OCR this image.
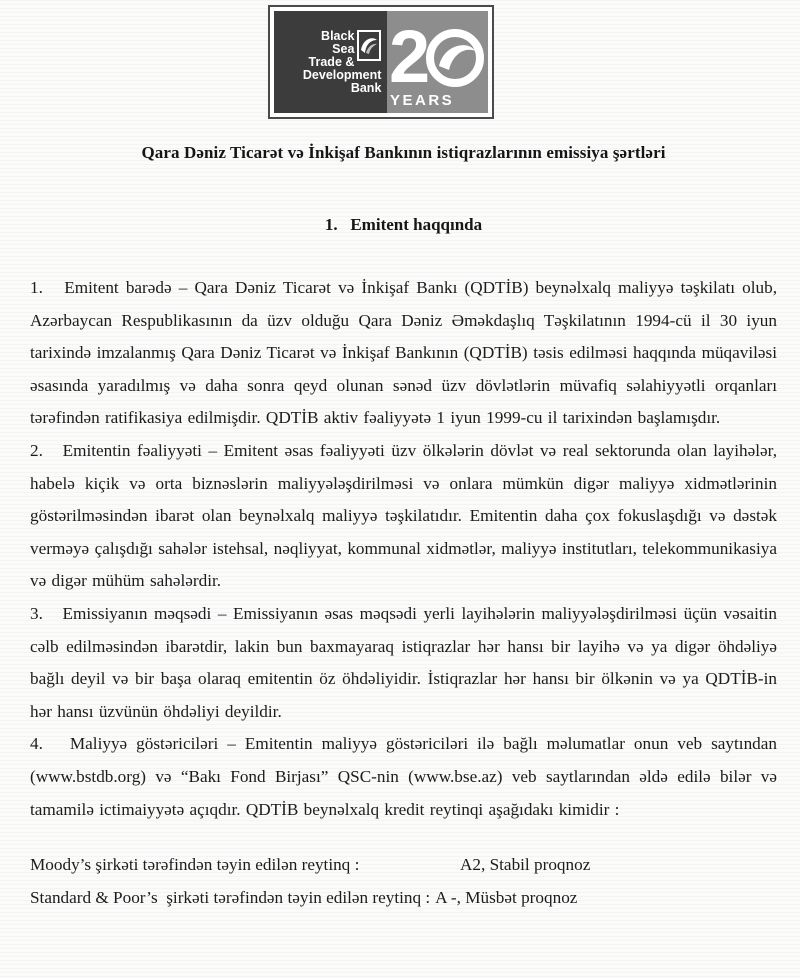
Black
Sea
Trade &
Development
Bank 2
YEARS
Qara Dəniz Ticarət və İnkişaf Bankının istiqrazlarının emissiya şərtləri
1.   Emitent haqqında

1.   Emitent barədə – Qara Dəniz Ticarət və İnkişaf Bankı (QDTİB) beynəlxalq maliyyə təşkilatı olub, Azərbaycan Respublikasının da üzv olduğu Qara Dəniz Əməkdaşlıq Təşkilatının 1994-cü il 30 iyun tarixində imzalanmış Qara Dəniz Ticarət və İnkişaf Bankının (QDTİB) təsis edilməsi haqqında müqaviləsi əsasında yaradılmış və daha sonra qeyd olunan sənəd üzv dövlətlərin müvafiq səlahiyyətli orqanları tərəfindən ratifikasiya edilmişdir. QDTİB aktiv fəaliyyətə 1 iyun 1999-cu il tarixindən başlamışdır.

2.   Emitentin fəaliyyəti – Emitent əsas fəaliyyəti üzv ölkələrin dövlət və real sektorunda olan layihələr, habelə kiçik və orta biznəslərin maliyyələşdirilməsi və onlara mümkün digər maliyyə xidmətlərinin göstərilməsindən ibarət olan beynəlxalq maliyyə təşkilatıdır. Emitentin daha çox fokuslaşdığı və dəstək verməyə çalışdığı sahələr istehsal, nəqliyyat, kommunal xidmətlər, maliyyə institutları, telekommunikasiya və digər mühüm sahələrdir.

3.   Emissiyanın məqsədi – Emissiyanın əsas məqsədi yerli layihələrin maliyyələşdirilməsi üçün vəsaitin cəlb edilməsindən ibarətdir, lakin bun baxmayaraq istiqrazlar hər hansı bir layihə və ya digər öhdəliyə bağlı deyil və bir başa olaraq emitentin öz öhdəliyidir. İstiqrazlar hər hansı bir ölkənin və ya QDTİB-in hər hansı üzvünün öhdəliyi deyildir.

4.   Maliyyə göstəriciləri – Emitentin maliyyə göstəriciləri ilə bağlı məlumatlar onun veb saytından (www.bstdb.org) və “Bakı Fond Birjası” QSC-nin (www.bse.az) veb saytlarından əldə edilə bilər və tamamilə ictimaiyyətə açıqdır. QDTİB beynəlxalq kredit reytinqi aşağıdakı kimidir :

Moody’s şirkəti tərəfindən təyin edilən reytinq :	A2, Stabil proqnoz
Standard & Poor’s  şirkəti tərəfindən təyin edilən reytinq : A -, Müsbət proqnoz
